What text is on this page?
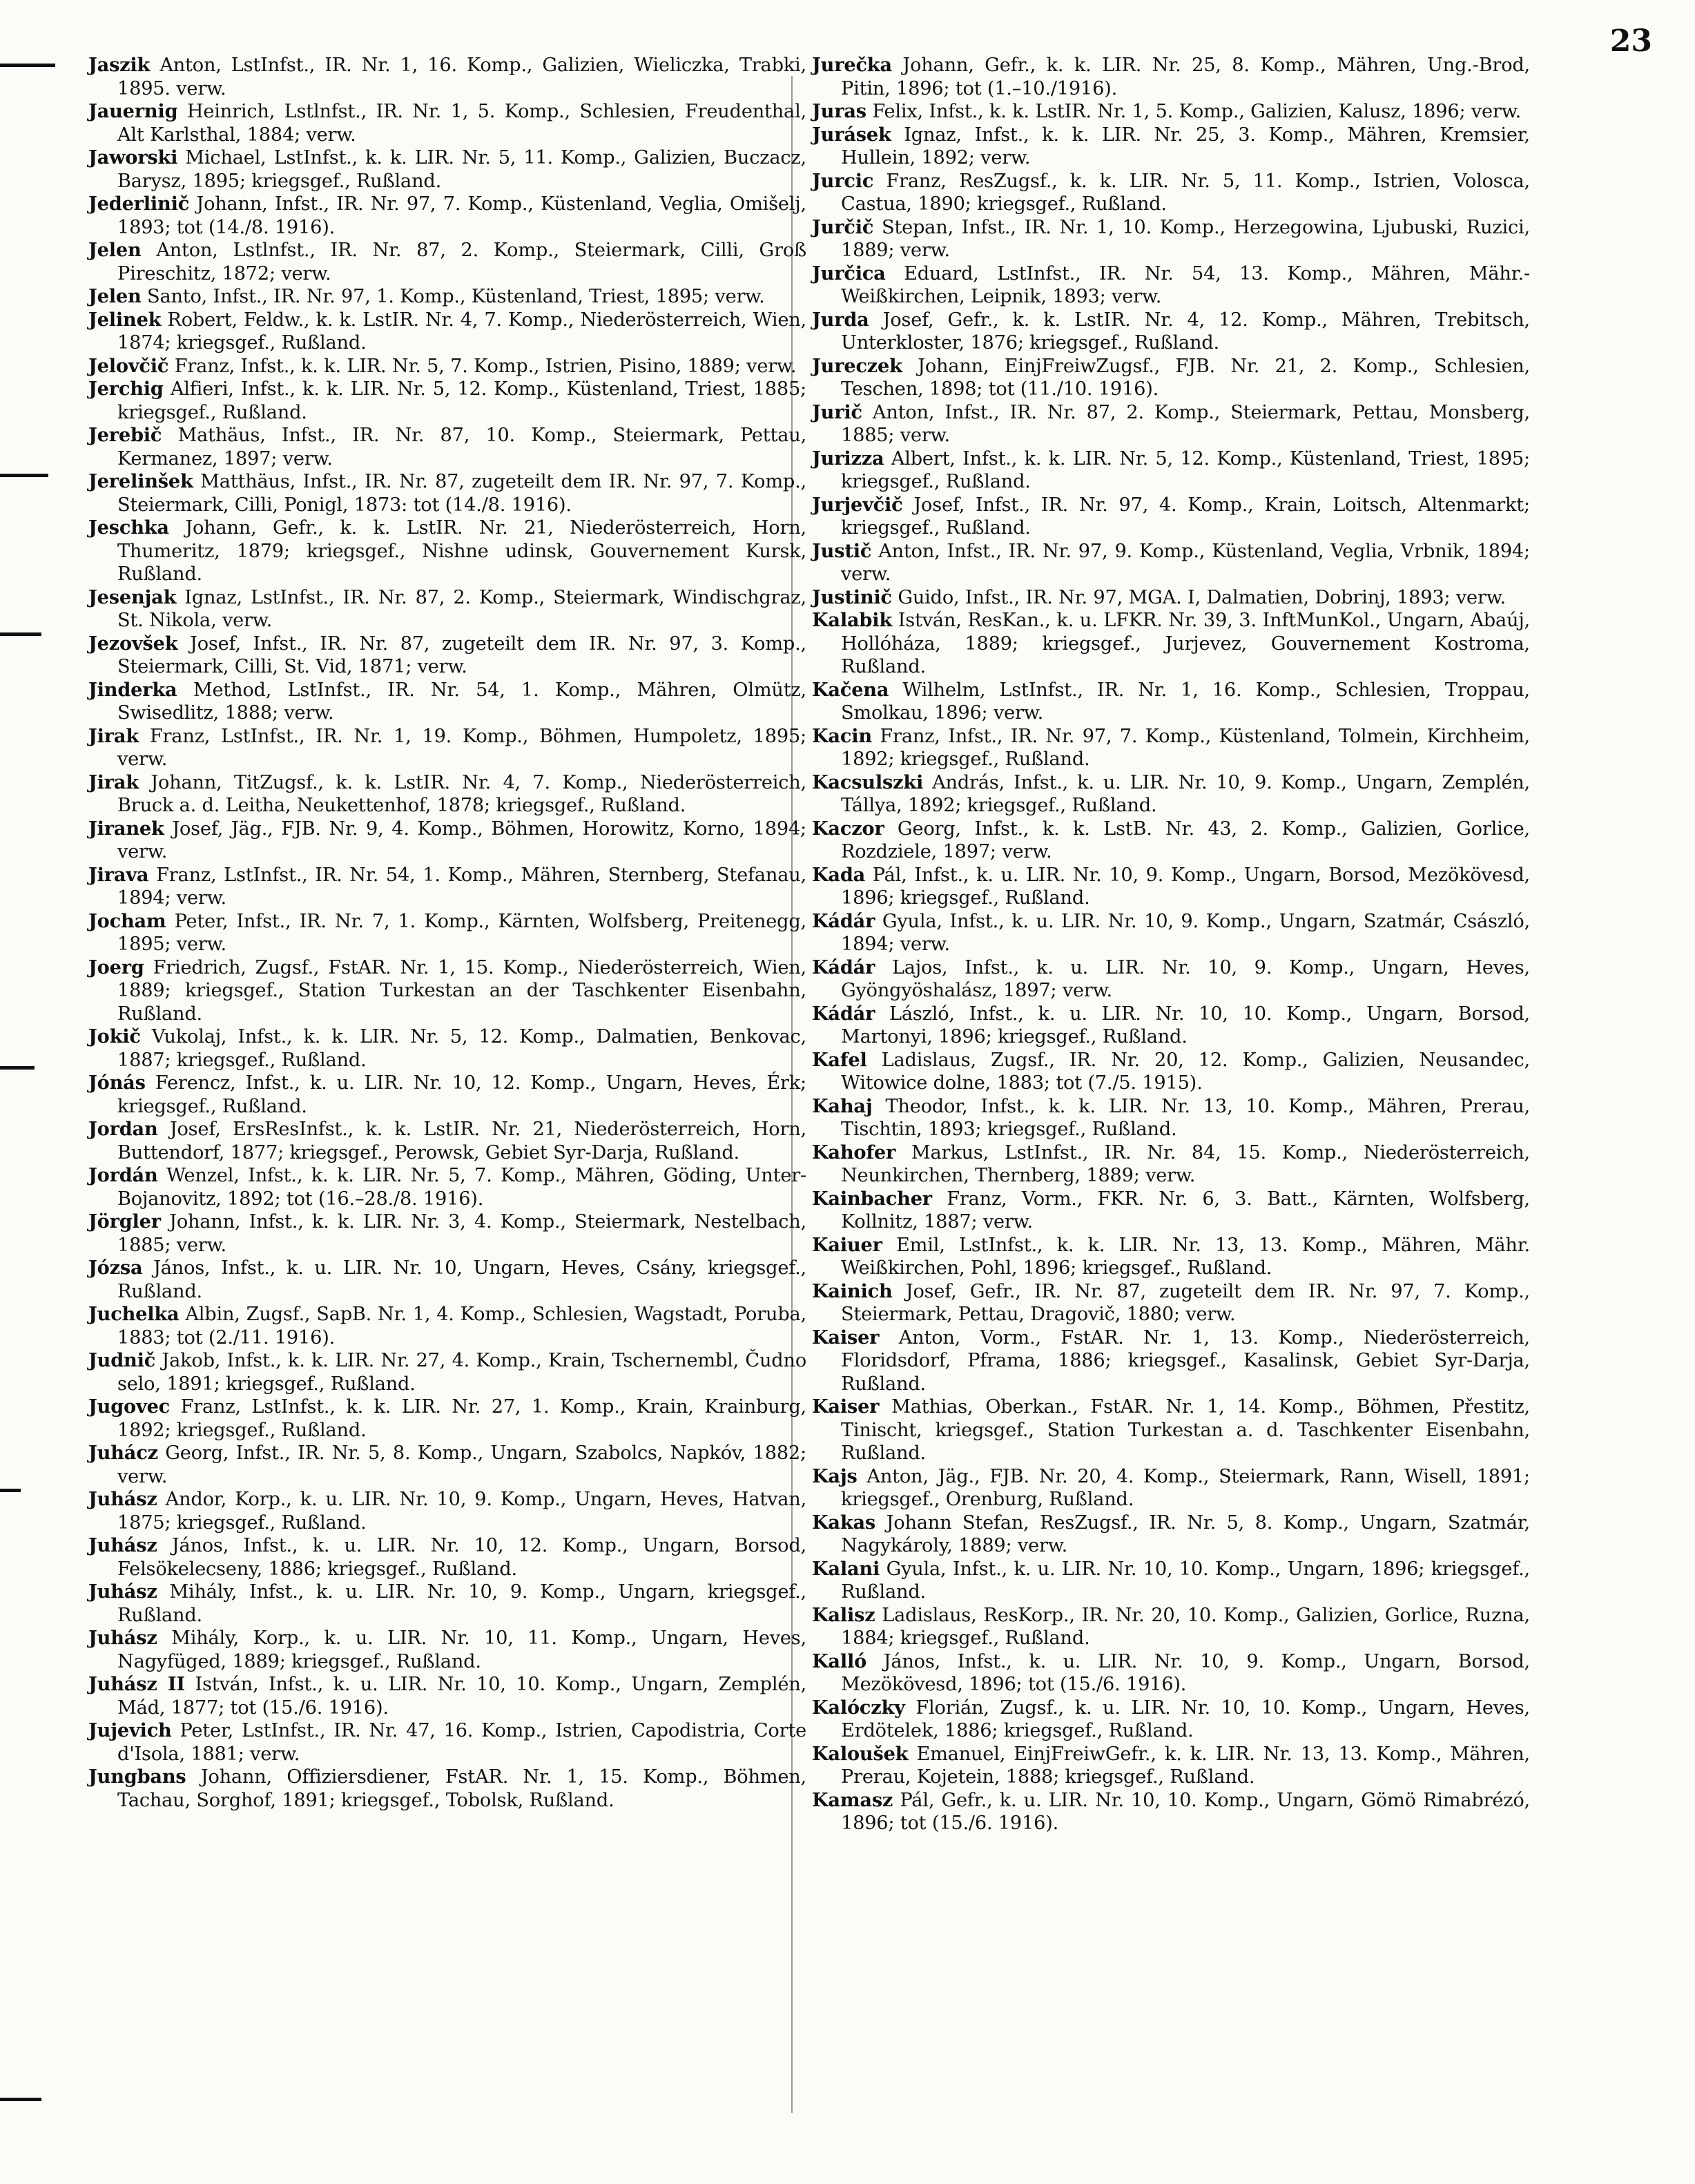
23

Jaszik Anton, LstInfst., IR. Nr. 1, 16. Komp., Galizien, Wieliczka, Trabki, 1895. verw.

Jauernig Heinrich, Lstlnfst., IR. Nr. 1, 5. Komp., Schlesien, Freudenthal, Alt Karlsthal, 1884; verw.

Jaworski Michael, LstInfst., k. k. LIR. Nr. 5, 11. Komp., Galizien, Buczacz, Barysz, 1895; kriegsgef., Rußland.

Jederlinič Johann, Infst., IR. Nr. 97, 7. Komp., Küstenland, Veglia, Omišelj, 1893; tot (14./8. 1916).

Jelen Anton, Lstlnfst., IR. Nr. 87, 2. Komp., Steiermark, Cilli, Groß Pireschitz, 1872; verw.

Jelen Santo, Infst., IR. Nr. 97, 1. Komp., Küstenland, Triest, 1895; verw.

Jelinek Robert, Feldw., k. k. LstIR. Nr. 4, 7. Komp., Niederösterreich, Wien, 1874; kriegsgef., Rußland.

Jelovčič Franz, Infst., k. k. LIR. Nr. 5, 7. Komp., Istrien, Pisino, 1889; verw.

Jerchig Alfieri, Infst., k. k. LIR. Nr. 5, 12. Komp., Küstenland, Triest, 1885; kriegsgef., Rußland.

Jerebič Mathäus, Infst., IR. Nr. 87, 10. Komp., Steiermark, Pettau, Kermanez, 1897; verw.

Jerelinšek Matthäus, Infst., IR. Nr. 87, zugeteilt dem IR. Nr. 97, 7. Komp., Steiermark, Cilli, Ponigl, 1873: tot (14./8. 1916).

Jeschka Johann, Gefr., k. k. LstIR. Nr. 21, Niederösterreich, Horn, Thumeritz, 1879; kriegsgef., Nishne udinsk, Gouvernement Kursk, Rußland.

Jesenjak Ignaz, LstInfst., IR. Nr. 87, 2. Komp., Steiermark, Windischgraz, St. Nikola, verw.

Jezovšek Josef, Infst., IR. Nr. 87, zugeteilt dem IR. Nr. 97, 3. Komp., Steiermark, Cilli, St. Vid, 1871; verw.

Jinderka Method, LstInfst., IR. Nr. 54, 1. Komp., Mähren, Olmütz, Swisedlitz, 1888; verw.

Jirak Franz, LstInfst., IR. Nr. 1, 19. Komp., Böhmen, Humpoletz, 1895; verw.

Jirak Johann, TitZugsf., k. k. LstIR. Nr. 4, 7. Komp., Niederösterreich, Bruck a. d. Leitha, Neukettenhof, 1878; kriegsgef., Rußland.

Jiranek Josef, Jäg., FJB. Nr. 9, 4. Komp., Böhmen, Horowitz, Korno, 1894; verw.

Jirava Franz, LstInfst., IR. Nr. 54, 1. Komp., Mähren, Sternberg, Stefanau, 1894; verw.

Jocham Peter, Infst., IR. Nr. 7, 1. Komp., Kärnten, Wolfsberg, Preitenegg, 1895; verw.

Joerg Friedrich, Zugsf., FstAR. Nr. 1, 15. Komp., Niederösterreich, Wien, 1889; kriegsgef., Station Turkestan an der Taschkenter Eisenbahn, Rußland.

Jokič Vukolaj, Infst., k. k. LIR. Nr. 5, 12. Komp., Dalmatien, Benkovac, 1887; kriegsgef., Rußland.

Jónás Ferencz, Infst., k. u. LIR. Nr. 10, 12. Komp., Ungarn, Heves, Érk; kriegsgef., Rußland.

Jordan Josef, ErsResInfst., k. k. LstIR. Nr. 21, Niederösterreich, Horn, Buttendorf, 1877; kriegsgef., Perowsk, Gebiet Syr-Darja, Rußland.

Jordán Wenzel, Infst., k. k. LIR. Nr. 5, 7. Komp., Mähren, Göding, Unter-Bojanovitz, 1892; tot (16.–28./8. 1916).

Jörgler Johann, Infst., k. k. LIR. Nr. 3, 4. Komp., Steiermark, Nestelbach, 1885; verw.

Józsa János, Infst., k. u. LIR. Nr. 10, Ungarn, Heves, Csány, kriegsgef., Rußland.

Juchelka Albin, Zugsf., SapB. Nr. 1, 4. Komp., Schlesien, Wagstadt, Poruba, 1883; tot (2./11. 1916).

Judnič Jakob, Infst., k. k. LIR. Nr. 27, 4. Komp., Krain, Tschernembl, Čudno selo, 1891; kriegsgef., Rußland.

Jugovec Franz, LstInfst., k. k. LIR. Nr. 27, 1. Komp., Krain, Krainburg, 1892; kriegsgef., Rußland.

Juhácz Georg, Infst., IR. Nr. 5, 8. Komp., Ungarn, Szabolcs, Napkóv, 1882; verw.

Juhász Andor, Korp., k. u. LIR. Nr. 10, 9. Komp., Ungarn, Heves, Hatvan, 1875; kriegsgef., Rußland.

Juhász János, Infst., k. u. LIR. Nr. 10, 12. Komp., Ungarn, Borsod, Felsökelecseny, 1886; kriegsgef., Rußland.

Juhász Mihály, Infst., k. u. LIR. Nr. 10, 9. Komp., Ungarn, kriegsgef., Rußland.

Juhász Mihály, Korp., k. u. LIR. Nr. 10, 11. Komp., Ungarn, Heves, Nagyfüged, 1889; kriegsgef., Rußland.

Juhász II István, Infst., k. u. LIR. Nr. 10, 10. Komp., Ungarn, Zemplén, Mád, 1877; tot (15./6. 1916).

Jujevich Peter, LstInfst., IR. Nr. 47, 16. Komp., Istrien, Capodistria, Corte d'Isola, 1881; verw.

Jungbans Johann, Offiziersdiener, FstAR. Nr. 1, 15. Komp., Böhmen, Tachau, Sorghof, 1891; kriegsgef., Tobolsk, Rußland.

Jurečka Johann, Gefr., k. k. LIR. Nr. 25, 8. Komp., Mähren, Ung.-Brod, Pitin, 1896; tot (1.–10./1916).

Juras Felix, Infst., k. k. LstIR. Nr. 1, 5. Komp., Galizien, Kalusz, 1896; verw.

Jurásek Ignaz, Infst., k. k. LIR. Nr. 25, 3. Komp., Mähren, Kremsier, Hullein, 1892; verw.

Jurcic Franz, ResZugsf., k. k. LIR. Nr. 5, 11. Komp., Istrien, Volosca, Castua, 1890; kriegsgef., Rußland.

Jurčič Stepan, Infst., IR. Nr. 1, 10. Komp., Herzegowina, Ljubuski, Ruzici, 1889; verw.

Jurčica Eduard, LstInfst., IR. Nr. 54, 13. Komp., Mähren, Mähr.-Weißkirchen, Leipnik, 1893; verw.

Jurda Josef, Gefr., k. k. LstIR. Nr. 4, 12. Komp., Mähren, Trebitsch, Unterkloster, 1876; kriegsgef., Rußland.

Jureczek Johann, EinjFreiwZugsf., FJB. Nr. 21, 2. Komp., Schlesien, Teschen, 1898; tot (11./10. 1916).

Jurič Anton, Infst., IR. Nr. 87, 2. Komp., Steiermark, Pettau, Monsberg, 1885; verw.

Jurizza Albert, Infst., k. k. LIR. Nr. 5, 12. Komp., Küstenland, Triest, 1895; kriegsgef., Rußland.

Jurjevčič Josef, Infst., IR. Nr. 97, 4. Komp., Krain, Loitsch, Altenmarkt; kriegsgef., Rußland.

Justič Anton, Infst., IR. Nr. 97, 9. Komp., Küstenland, Veglia, Vrbnik, 1894; verw.

Justinič Guido, Infst., IR. Nr. 97, MGA. I, Dalmatien, Dobrinj, 1893; verw.

Kalabik István, ResKan., k. u. LFKR. Nr. 39, 3. InftMunKol., Ungarn, Abaúj, Hollóháza, 1889; kriegsgef., Jurjevez, Gouvernement Kostroma, Rußland.

Kačena Wilhelm, LstInfst., IR. Nr. 1, 16. Komp., Schlesien, Troppau, Smolkau, 1896; verw.

Kacin Franz, Infst., IR. Nr. 97, 7. Komp., Küstenland, Tolmein, Kirchheim, 1892; kriegsgef., Rußland.

Kacsulszki András, Infst., k. u. LIR. Nr. 10, 9. Komp., Ungarn, Zemplén, Tállya, 1892; kriegsgef., Rußland.

Kaczor Georg, Infst., k. k. LstB. Nr. 43, 2. Komp., Galizien, Gorlice, Rozdziele, 1897; verw.

Kada Pál, Infst., k. u. LIR. Nr. 10, 9. Komp., Ungarn, Borsod, Mezökövesd, 1896; kriegsgef., Rußland.

Kádár Gyula, Infst., k. u. LIR. Nr. 10, 9. Komp., Ungarn, Szatmár, Császló, 1894; verw.

Kádár Lajos, Infst., k. u. LIR. Nr. 10, 9. Komp., Ungarn, Heves, Gyöngyöshalász, 1897; verw.

Kádár László, Infst., k. u. LIR. Nr. 10, 10. Komp., Ungarn, Borsod, Martonyi, 1896; kriegsgef., Rußland.

Kafel Ladislaus, Zugsf., IR. Nr. 20, 12. Komp., Galizien, Neusandec, Witowice dolne, 1883; tot (7./5. 1915).

Kahaj Theodor, Infst., k. k. LIR. Nr. 13, 10. Komp., Mähren, Prerau, Tischtin, 1893; kriegsgef., Rußland.

Kahofer Markus, LstInfst., IR. Nr. 84, 15. Komp., Niederösterreich, Neunkirchen, Thernberg, 1889; verw.

Kainbacher Franz, Vorm., FKR. Nr. 6, 3. Batt., Kärnten, Wolfsberg, Kollnitz, 1887; verw.

Kaiuer Emil, LstInfst., k. k. LIR. Nr. 13, 13. Komp., Mähren, Mähr. Weißkirchen, Pohl, 1896; kriegsgef., Rußland.

Kainich Josef, Gefr., IR. Nr. 87, zugeteilt dem IR. Nr. 97, 7. Komp., Steiermark, Pettau, Dragovič, 1880; verw.

Kaiser Anton, Vorm., FstAR. Nr. 1, 13. Komp., Niederösterreich, Floridsdorf, Pframa, 1886; kriegsgef., Kasalinsk, Gebiet Syr-Darja, Rußland.

Kaiser Mathias, Oberkan., FstAR. Nr. 1, 14. Komp., Böhmen, Přestitz, Tinischt, kriegsgef., Station Turkestan a. d. Taschkenter Eisenbahn, Rußland.

Kajs Anton, Jäg., FJB. Nr. 20, 4. Komp., Steiermark, Rann, Wisell, 1891; kriegsgef., Orenburg, Rußland.

Kakas Johann Stefan, ResZugsf., IR. Nr. 5, 8. Komp., Ungarn, Szatmár, Nagykároly, 1889; verw.

Kalani Gyula, Infst., k. u. LIR. Nr. 10, 10. Komp., Ungarn, 1896; kriegsgef., Rußland.

Kalisz Ladislaus, ResKorp., IR. Nr. 20, 10. Komp., Galizien, Gorlice, Ruzna, 1884; kriegsgef., Rußland.

Kalló János, Infst., k. u. LIR. Nr. 10, 9. Komp., Ungarn, Borsod, Mezökövesd, 1896; tot (15./6. 1916).

Kalóczky Florián, Zugsf., k. u. LIR. Nr. 10, 10. Komp., Ungarn, Heves, Erdötelek, 1886; kriegsgef., Rußland.

Kaloušek Emanuel, EinjFreiwGefr., k. k. LIR. Nr. 13, 13. Komp., Mähren, Prerau, Kojetein, 1888; kriegsgef., Rußland.

Kamasz Pál, Gefr., k. u. LIR. Nr. 10, 10. Komp., Ungarn, Gömö Rimabrézó, 1896; tot (15./6. 1916).
